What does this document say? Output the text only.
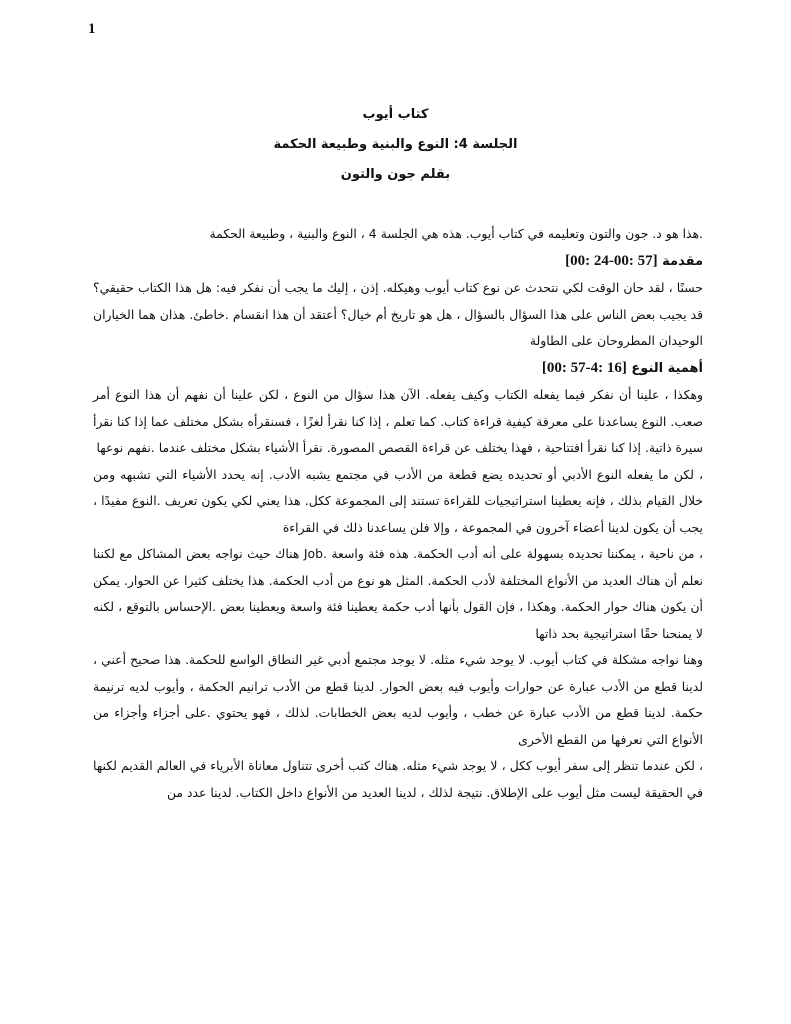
1
كتاب أيوب
الجلسة 4: النوع والبنية وطبيعة الحكمة
بقلم جون والتون

.هذا هو د. جون والتون وتعليمه في كتاب أيوب. هذه هي الجلسة 4 ، النوع والبنية ، وطبيعة الحكمة

مقدمة [00: 24-00: 57]

حسنًا ، لقد حان الوقت لكي نتحدث عن نوع كتاب أيوب وهيكله. إذن ، إليك ما يجب أن نفكر فيه: هل هذا الكتاب حقيقي؟ قد يجيب بعض الناس على هذا السؤال بالسؤال ، هل هو تاريخ أم خيال؟ أعتقد أن هذا انقسام .خاطئ. هذان هما الخياران الوحيدان المطروحان على الطاولة

أهمية النوع [00: 57-4: 16]

وهكذا ، علينا أن نفكر فيما يفعله الكتاب وكيف يفعله. الآن هذا سؤال من النوع ، لكن علينا أن نفهم أن هذا النوع أمر صعب. النوع يساعدنا على معرفة كيفية قراءة كتاب. كما تعلم ، إذا كنا نقرأ لغزًا ، فسنقرأه بشكل مختلف عما إذا كنا نقرأ سيرة ذاتية. إذا كنا نقرأ افتتاحية ، فهذا يختلف عن قراءة القصص المصورة. نقرأ الأشياء بشكل مختلف عندما .نفهم نوعها

، لكن ما يفعله النوع الأدبي أو تحديده يضع قطعة من الأدب في مجتمع يشبه الأدب. إنه يحدد الأشياء التي تشبهه ومن خلال القيام بذلك ، فإنه يعطينا استراتيجيات للقراءة تستند إلى المجموعة ككل. هذا يعني لكي يكون تعريف .النوع مفيدًا ، يجب أن يكون لدينا أعضاء آخرون في المجموعة ، وإلا فلن يساعدنا ذلك في القراءة

، من ناحية ، يمكننا تحديده بسهولة على أنه أدب الحكمة. هذه فئة واسعة .Job هناك حيث نواجه بعض المشاكل مع لكننا نعلم أن هناك العديد من الأنواع المختلفة لأدب الحكمة. المثل هو نوع من أدب الحكمة. هذا يختلف كثيرا عن الحوار. يمكن أن يكون هناك حوار الحكمة. وهكذا ، فإن القول بأنها أدب حكمة يعطينا فئة واسعة ويعطينا بعض .الإحساس بالتوقع ، لكنه لا يمنحنا حقًا استراتيجية بحد ذاتها

وهنا نواجه مشكلة في كتاب أيوب. لا يوجد شيء مثله. لا يوجد مجتمع أدبي غير النطاق الواسع للحكمة. هذا صحيح أعني ، لدينا قطع من الأدب عبارة عن حوارات وأيوب فيه بعض الحوار. لدينا قطع من الأدب ترانيم الحكمة ، وأيوب لديه ترنيمة حكمة. لدينا قطع من الأدب عبارة عن خطب ، وأيوب لديه بعض الخطابات. لذلك ، فهو يحتوي .على أجزاء وأجزاء من الأنواع التي نعرفها من القطع الأخرى

، لكن عندما تنظر إلى سفر أيوب ككل ، لا يوجد شيء مثله. هناك كتب أخرى تتناول معاناة الأبرياء في العالم القديم لكنها في الحقيقة ليست مثل أيوب على الإطلاق. نتيجة لذلك ، لدينا العديد من الأنواع داخل الكتاب. لدينا عدد من
